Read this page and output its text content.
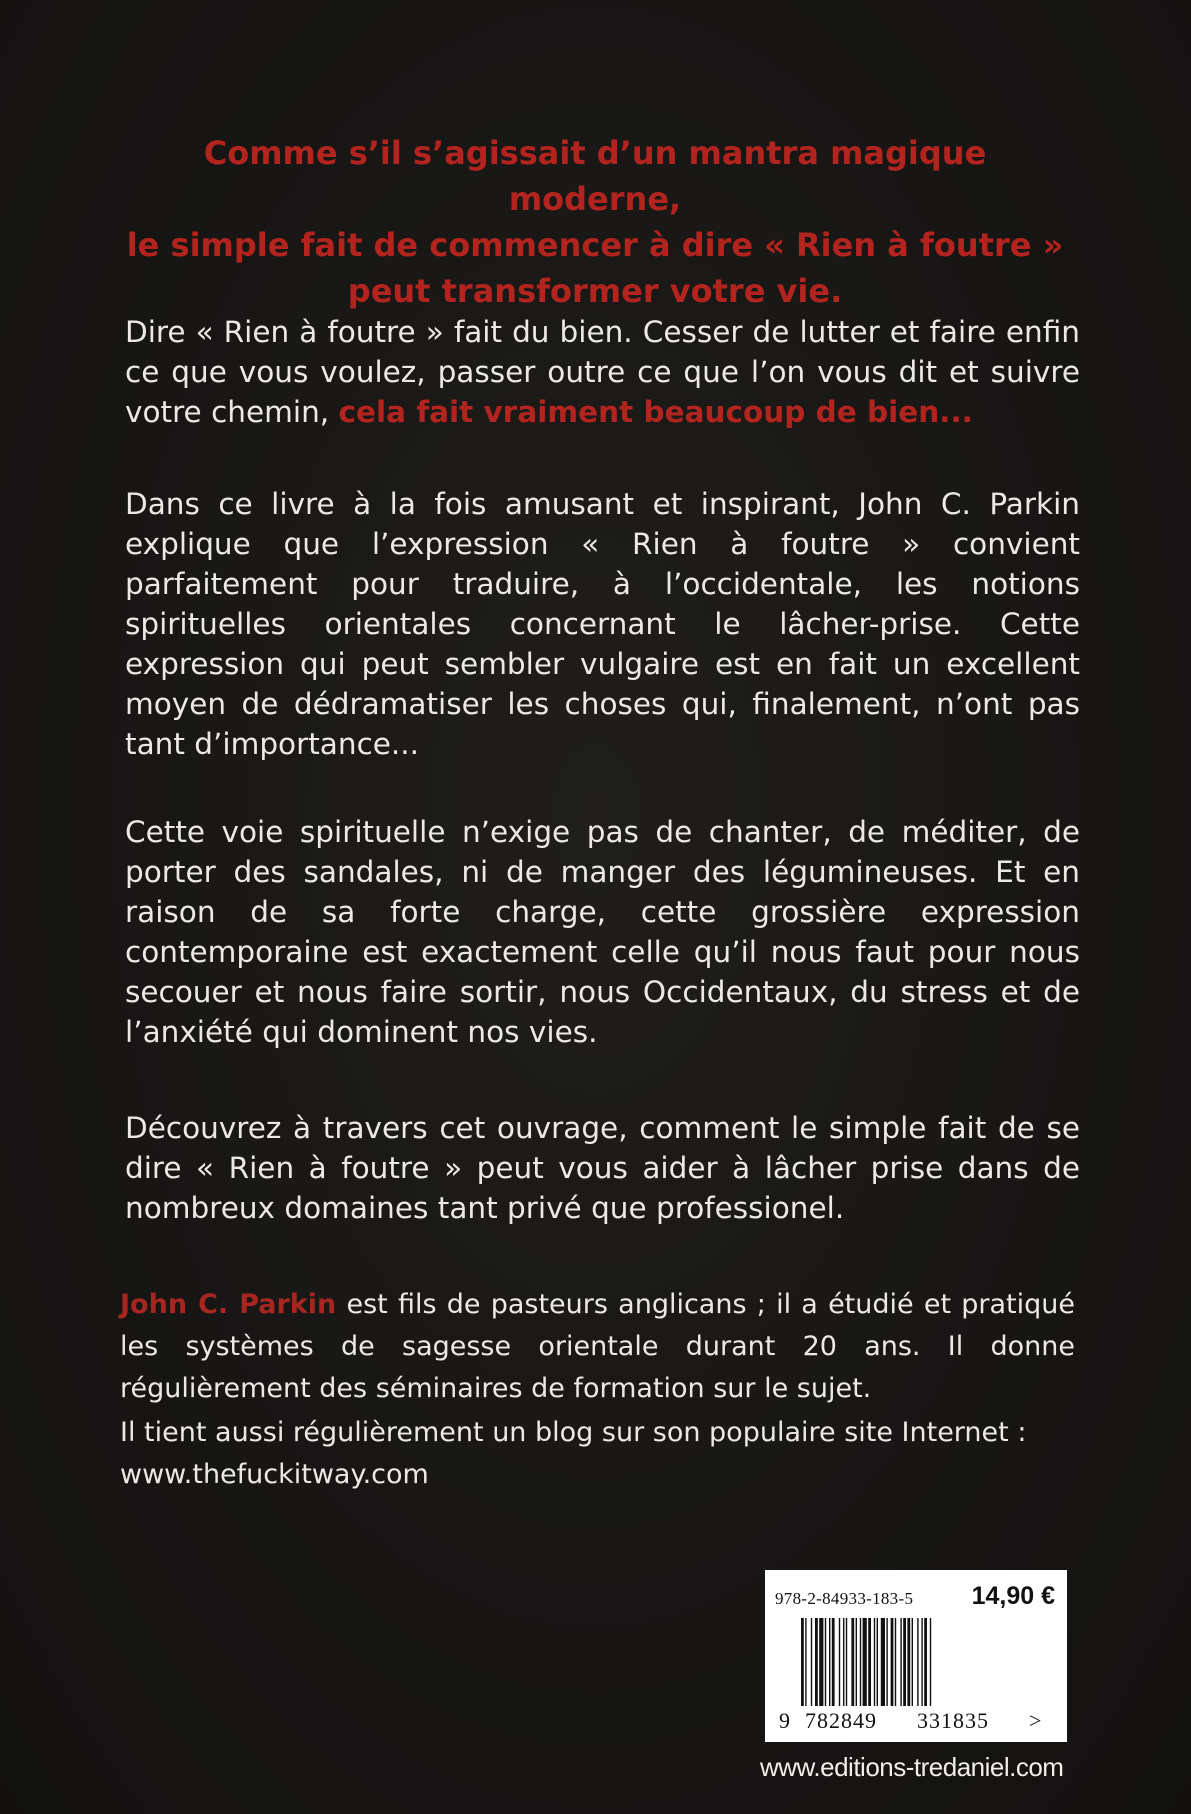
Comme s’il s’agissait d’un mantra magique moderne,
le simple fait de commencer à dire « Rien à foutre »
peut transformer votre vie.
Dire « Rien à foutre » fait du bien. Cesser de lutter et faire enfin ce que vous voulez, passer outre ce que l’on vous dit et suivre votre chemin, cela fait vraiment beaucoup de bien...
Dans ce livre à la fois amusant et inspirant, John C. Parkin explique que l’expression « Rien à foutre » convient parfaitement pour traduire, à l’occidentale, les notions spirituelles orientales concernant le lâcher-prise. Cette expression qui peut sembler vulgaire est en fait un excellent moyen de dédramatiser les choses qui, finalement, n’ont pas tant d’importance...
Cette voie spirituelle n’exige pas de chanter, de méditer, de porter des sandales, ni de manger des légumineuses. Et en raison de sa forte charge, cette grossière expression contemporaine est exactement celle qu’il nous faut pour nous secouer et nous faire sortir, nous Occidentaux, du stress et de l’anxiété qui dominent nos vies.
Découvrez à travers cet ouvrage, comment le simple fait de se dire « Rien à foutre » peut vous aider à lâcher prise dans de nombreux domaines tant privé que professionel.
John C. Parkin est fils de pasteurs anglicans ; il a étudié et pratiqué les systèmes de sagesse orientale durant 20 ans. Il donne régulièrement des séminaires de formation sur le sujet.
Il tient aussi régulièrement un blog sur son populaire site Internet :
www.thefuckitway.com
978-2-84933-183-5 14,90 €
9 782849	331835	>
www.editions-tredaniel.com
